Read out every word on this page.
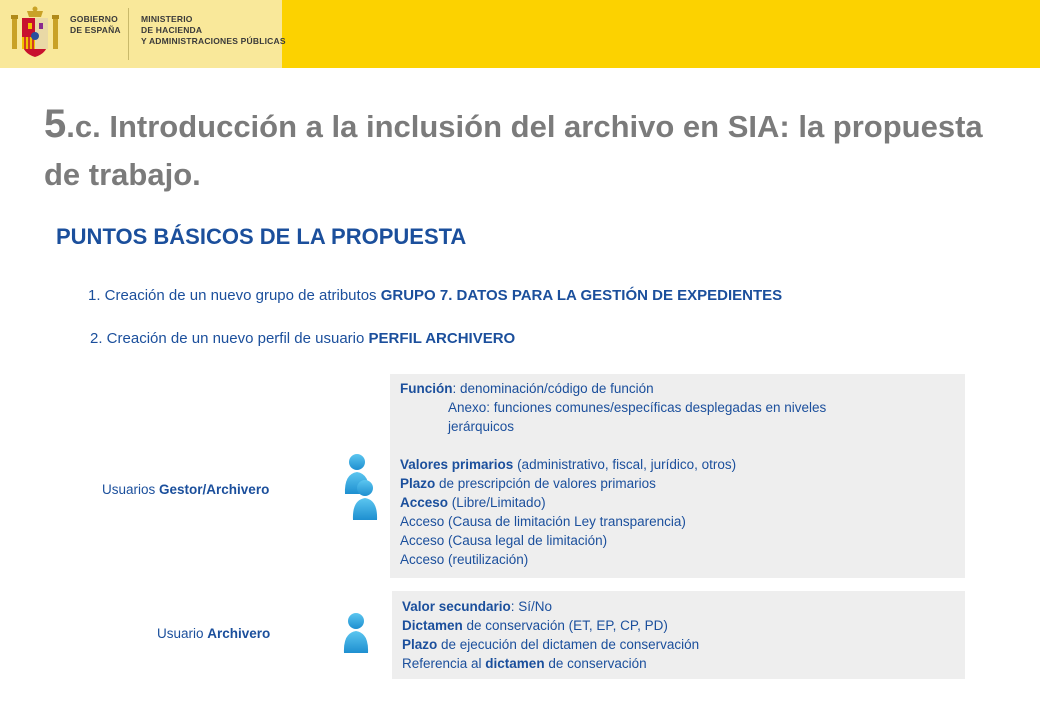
GOBIERNO
DE ESPAÑA
MINISTERIO
DE HACIENDA
Y ADMINISTRACIONES PÚBLICAS
5.c. Introducción a la inclusión del archivo en SIA: la propuesta de trabajo.
PUNTOS BÁSICOS DE LA PROPUESTA
1. Creación de un nuevo grupo de atributos GRUPO 7. DATOS PARA LA GESTIÓN DE EXPEDIENTES
2. Creación de un nuevo perfil de usuario PERFIL ARCHIVERO
Usuarios Gestor/Archivero
Usuario Archivero
Función: denominación/código de función
Anexo: funciones comunes/específicas desplegadas en niveles
jerárquicos
Valores primarios (administrativo, fiscal, jurídico, otros)
Plazo de prescripción de valores primarios
Acceso (Libre/Limitado)
Acceso (Causa de limitación Ley transparencia)
Acceso (Causa legal de limitación)
Acceso (reutilización)
Valor secundario: Sí/No
Dictamen de conservación (ET, EP, CP, PD)
Plazo de ejecución del dictamen de conservación
Referencia al dictamen de conservación
